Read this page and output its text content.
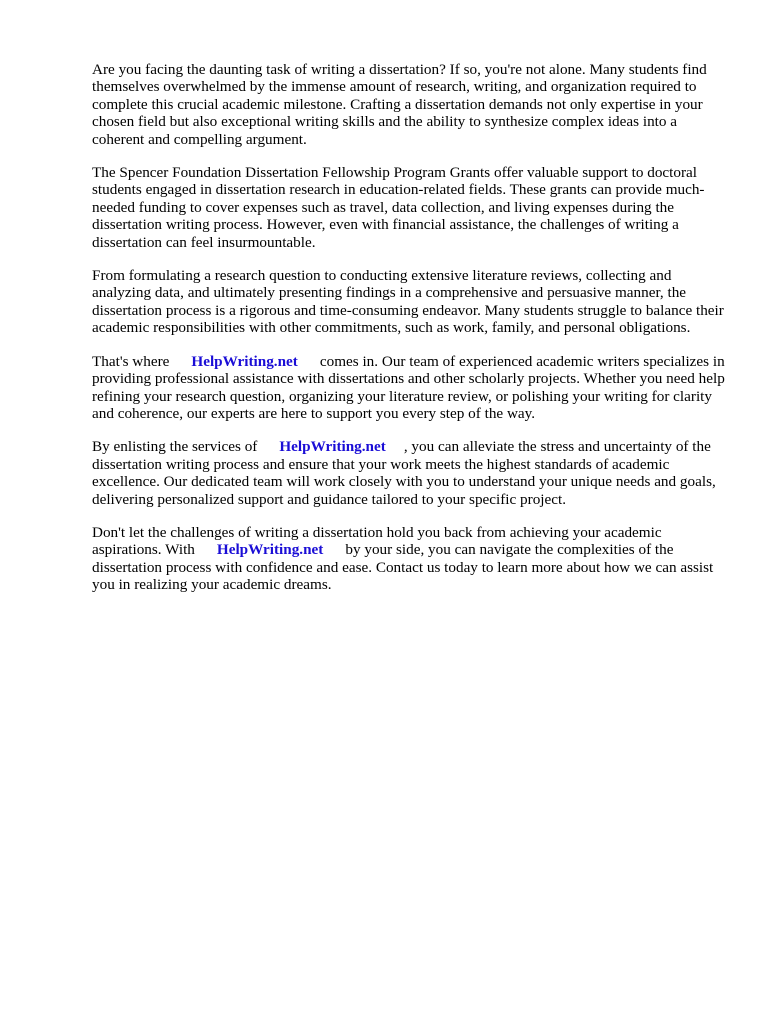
Are you facing the daunting task of writing a dissertation? If so, you're not alone. Many students find themselves overwhelmed by the immense amount of research, writing, and organization required to complete this crucial academic milestone. Crafting a dissertation demands not only expertise in your chosen field but also exceptional writing skills and the ability to synthesize complex ideas into a coherent and compelling argument.

The Spencer Foundation Dissertation Fellowship Program Grants offer valuable support to doctoral students engaged in dissertation research in education-related fields. These grants can provide much-needed funding to cover expenses such as travel, data collection, and living expenses during the dissertation writing process. However, even with financial assistance, the challenges of writing a dissertation can feel insurmountable.

From formulating a research question to conducting extensive literature reviews, collecting and analyzing data, and ultimately presenting findings in a comprehensive and persuasive manner, the dissertation process is a rigorous and time-consuming endeavor. Many students struggle to balance their academic responsibilities with other commitments, such as work, family, and personal obligations.

That's where HelpWriting.net comes in. Our team of experienced academic writers specializes in providing professional assistance with dissertations and other scholarly projects. Whether you need help refining your research question, organizing your literature review, or polishing your writing for clarity and coherence, our experts are here to support you every step of the way.

By enlisting the services of HelpWriting.net , you can alleviate the stress and uncertainty of the dissertation writing process and ensure that your work meets the highest standards of academic excellence. Our dedicated team will work closely with you to understand your unique needs and goals, delivering personalized support and guidance tailored to your specific project.

Don't let the challenges of writing a dissertation hold you back from achieving your academic aspirations. With HelpWriting.net by your side, you can navigate the complexities of the dissertation process with confidence and ease. Contact us today to learn more about how we can assist you in realizing your academic dreams.
